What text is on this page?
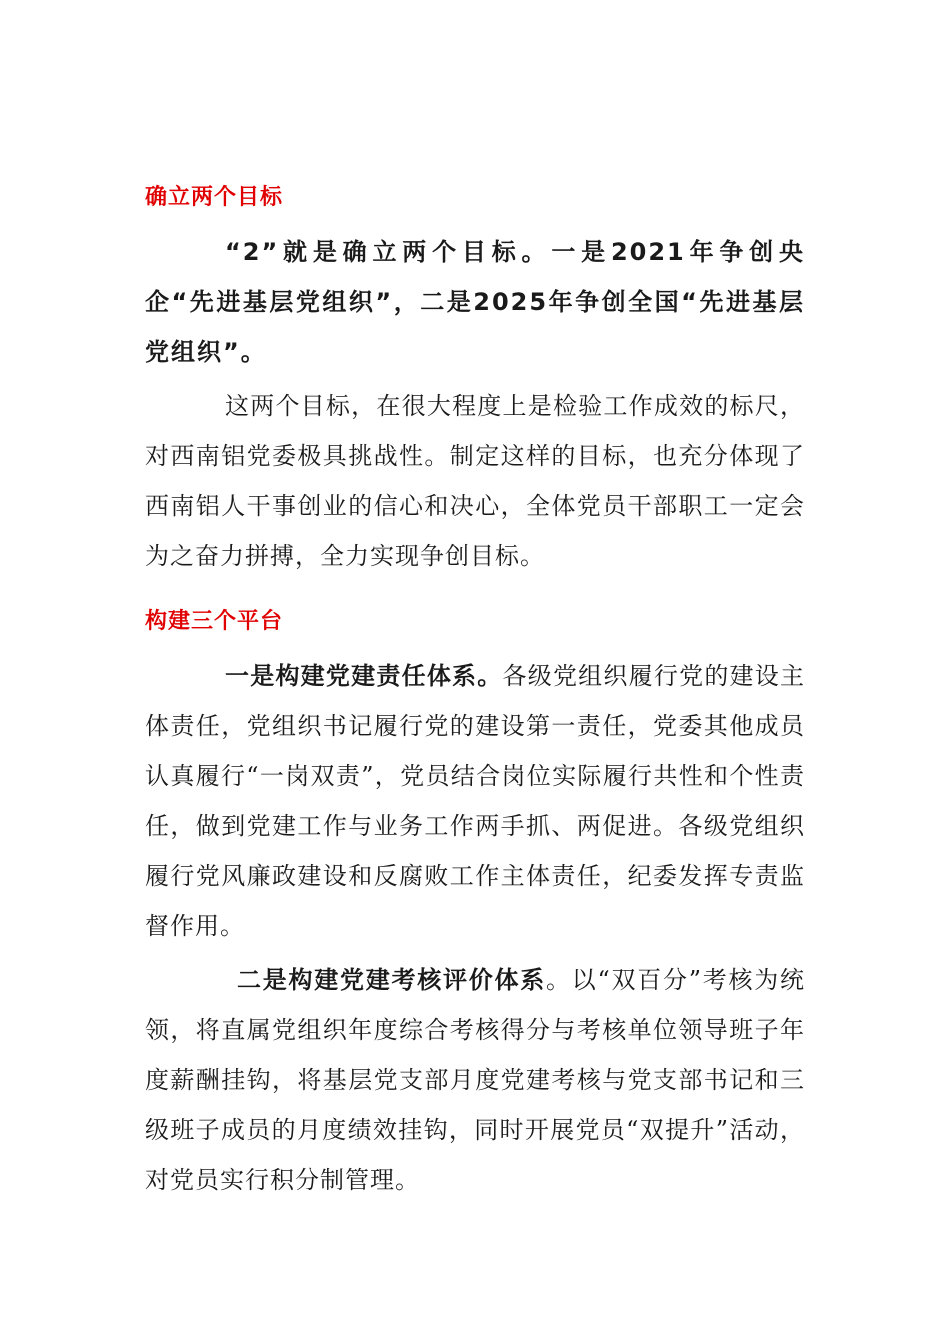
确立两个目标

“2”就是确立两个目标。一是2021年争创央企“先进基层党组织”，二是2025年争创全国“先进基层党组织”。

这两个目标，在很大程度上是检验工作成效的标尺，对西南铝党委极具挑战性。制定这样的目标，也充分体现了西南铝人干事创业的信心和决心，全体党员干部职工一定会为之奋力拼搏，全力实现争创目标。

构建三个平台

一是构建党建责任体系。各级党组织履行党的建设主体责任，党组织书记履行党的建设第一责任，党委其他成员认真履行“一岗双责”，党员结合岗位实际履行共性和个性责任，做到党建工作与业务工作两手抓、两促进。各级党组织履行党风廉政建设和反腐败工作主体责任，纪委发挥专责监督作用。

二是构建党建考核评价体系。以“双百分”考核为统领，将直属党组织年度综合考核得分与考核单位领导班子年度薪酬挂钩，将基层党支部月度党建考核与党支部书记和三级班子成员的月度绩效挂钩，同时开展党员“双提升”活动，对党员实行积分制管理。
